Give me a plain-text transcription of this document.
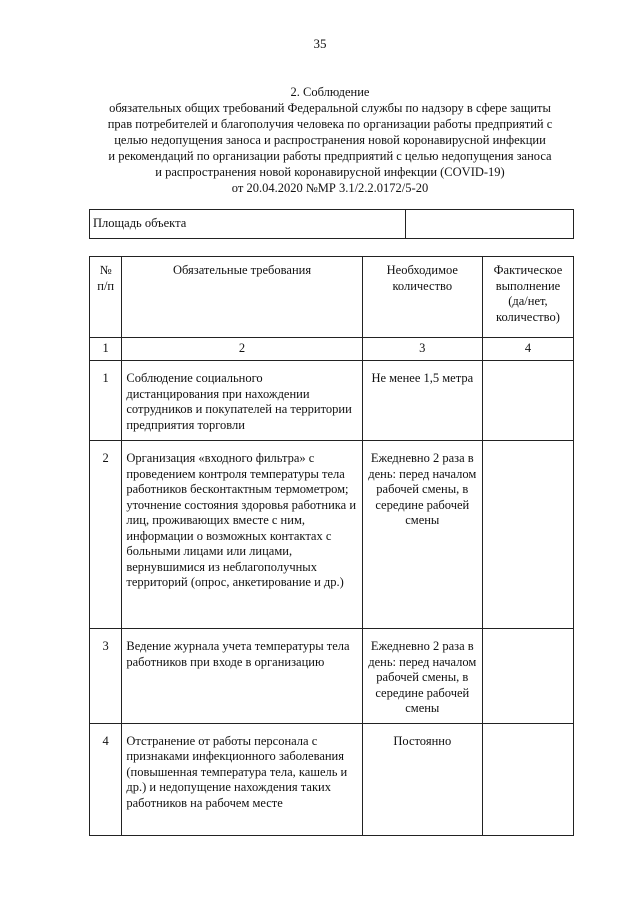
35
2. Соблюдение
обязательных общих требований Федеральной службы по надзору в сфере защиты
прав потребителей и благополучия человека по организации работы предприятий с
целью недопущения заноса и распространения новой коронавирусной инфекции
и рекомендаций по организации работы предприятий с целью недопущения заноса
и распространения новой коронавирусной инфекции (COVID-19)
от 20.04.2020 №МР 3.1/2.2.0172/5-20
Площадь объекта	
№ п/п	Обязательные требования	Необходимое количество	Фактическое выполнение (да/нет, количество)
1	2	3	4
1	Соблюдение социального дистанцирования при нахождении сотрудников и покупателей на территории предприятия торговли	Не менее 1,5 метра	
2	Организация «входного фильтра» с проведением контроля температуры тела работников бесконтактным термометром; уточнение состояния здоровья работника и лиц, проживающих вместе с ним, информации о возможных контактах с больными лицами или лицами, вернувшимися из неблагополучных территорий (опрос, анкетирование и др.)	Ежедневно 2 раза в день: перед началом рабочей смены, в середине рабочей смены	
3	Ведение журнала учета температуры тела работников при входе в организацию	Ежедневно 2 раза в день: перед началом рабочей смены, в середине рабочей смены	
4	Отстранение от работы персонала с признаками инфекционного заболевания (повышенная температура тела, кашель и др.) и недопущение нахождения таких работников на рабочем месте	Постоянно	
